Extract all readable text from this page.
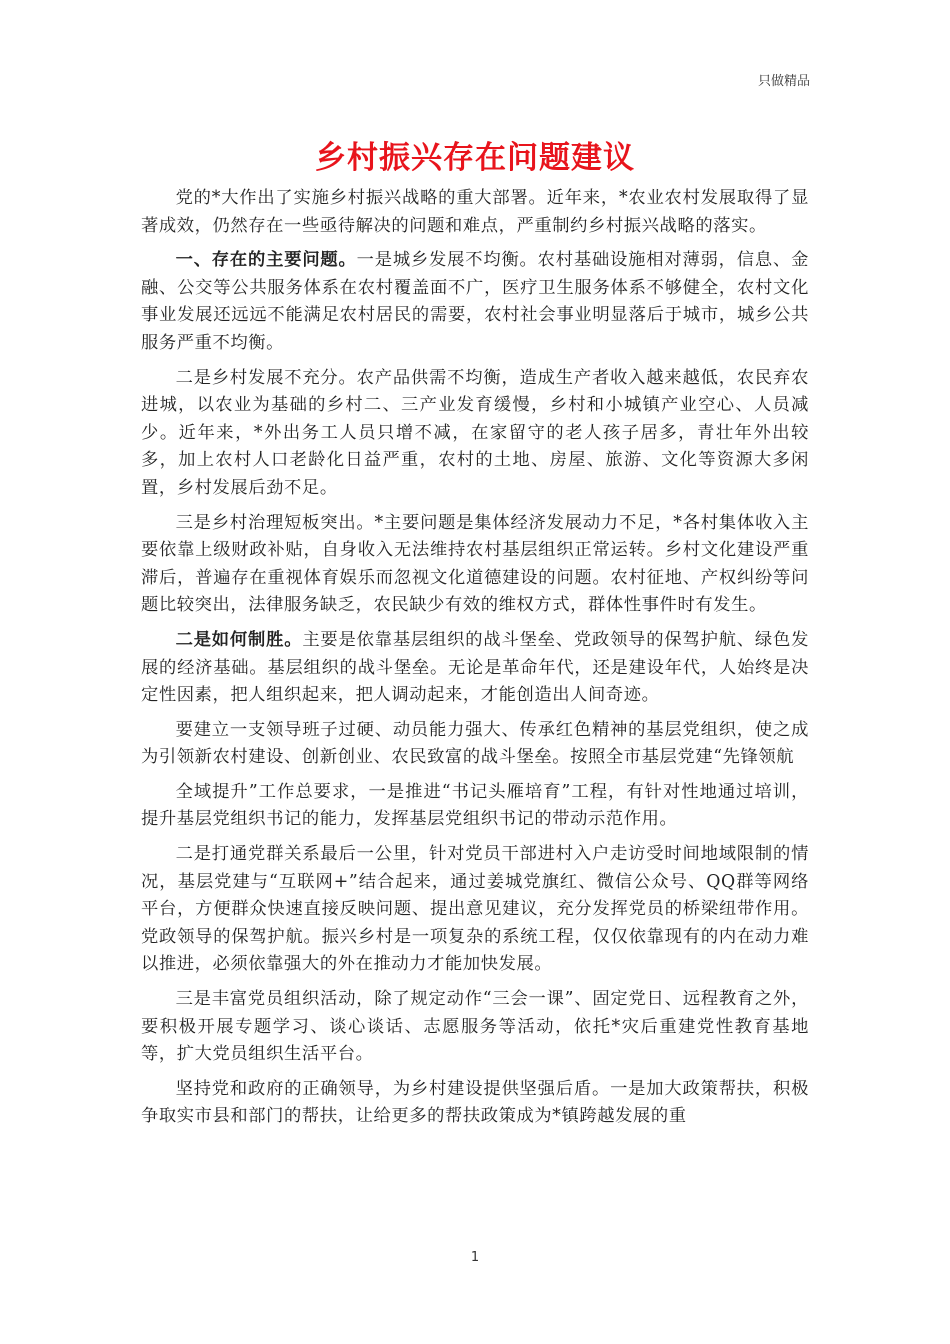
只做精品
乡村振兴存在问题建议

党的*大作出了实施乡村振兴战略的重大部署。近年来，*农业农村发展取得了显著成效，仍然存在一些亟待解决的问题和难点，严重制约乡村振兴战略的落实。

一、存在的主要问题。一是城乡发展不均衡。农村基础设施相对薄弱，信息、金融、公交等公共服务体系在农村覆盖面不广，医疗卫生服务体系不够健全，农村文化事业发展还远远不能满足农村居民的需要，农村社会事业明显落后于城市，城乡公共服务严重不均衡。

二是乡村发展不充分。农产品供需不均衡，造成生产者收入越来越低，农民弃农进城，以农业为基础的乡村二、三产业发育缓慢，乡村和小城镇产业空心、人员减少。近年来，*外出务工人员只增不减，在家留守的老人孩子居多，青壮年外出较多，加上农村人口老龄化日益严重，农村的土地、房屋、旅游、文化等资源大多闲置，乡村发展后劲不足。

三是乡村治理短板突出。*主要问题是集体经济发展动力不足，*各村集体收入主要依靠上级财政补贴，自身收入无法维持农村基层组织正常运转。乡村文化建设严重滞后，普遍存在重视体育娱乐而忽视文化道德建设的问题。农村征地、产权纠纷等问题比较突出，法律服务缺乏，农民缺少有效的维权方式，群体性事件时有发生。

二是如何制胜。主要是依靠基层组织的战斗堡垒、党政领导的保驾护航、绿色发展的经济基础。基层组织的战斗堡垒。无论是革命年代，还是建设年代，人始终是决定性因素，把人组织起来，把人调动起来，才能创造出人间奇迹。

要建立一支领导班子过硬、动员能力强大、传承红色精神的基层党组织，使之成为引领新农村建设、创新创业、农民致富的战斗堡垒。按照全市基层党建“先锋领航

全域提升”工作总要求，一是推进“书记头雁培育”工程，有针对性地通过培训，提升基层党组织书记的能力，发挥基层党组织书记的带动示范作用。

二是打通党群关系最后一公里，针对党员干部进村入户走访受时间地域限制的情况，基层党建与“互联网+”结合起来，通过姜城党旗红、微信公众号、QQ群等网络平台，方便群众快速直接反映问题、提出意见建议，充分发挥党员的桥梁纽带作用。党政领导的保驾护航。振兴乡村是一项复杂的系统工程，仅仅依靠现有的内在动力难以推进，必须依靠强大的外在推动力才能加快发展。

三是丰富党员组织活动，除了规定动作“三会一课”、固定党日、远程教育之外，要积极开展专题学习、谈心谈话、志愿服务等活动，依托*灾后重建党性教育基地等，扩大党员组织生活平台。

坚持党和政府的正确领导，为乡村建设提供坚强后盾。一是加大政策帮扶，积极争取实市县和部门的帮扶，让给更多的帮扶政策成为*镇跨越发展的重

1
